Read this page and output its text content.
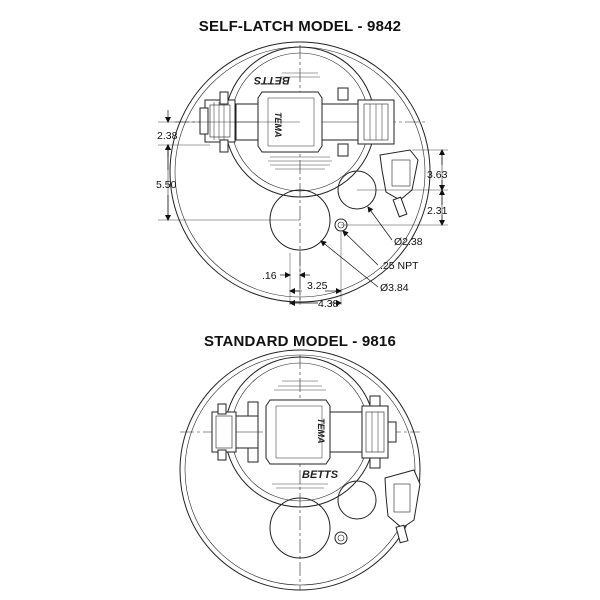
SELF-LATCH MODEL - 9842
STANDARD MODEL - 9816
BETTS
TEMA
2.38
5.50
3.63
2.31
Ø2.38
.25 NPT
Ø3.84
.16
3.25
4.38
BETTS
TEMA
